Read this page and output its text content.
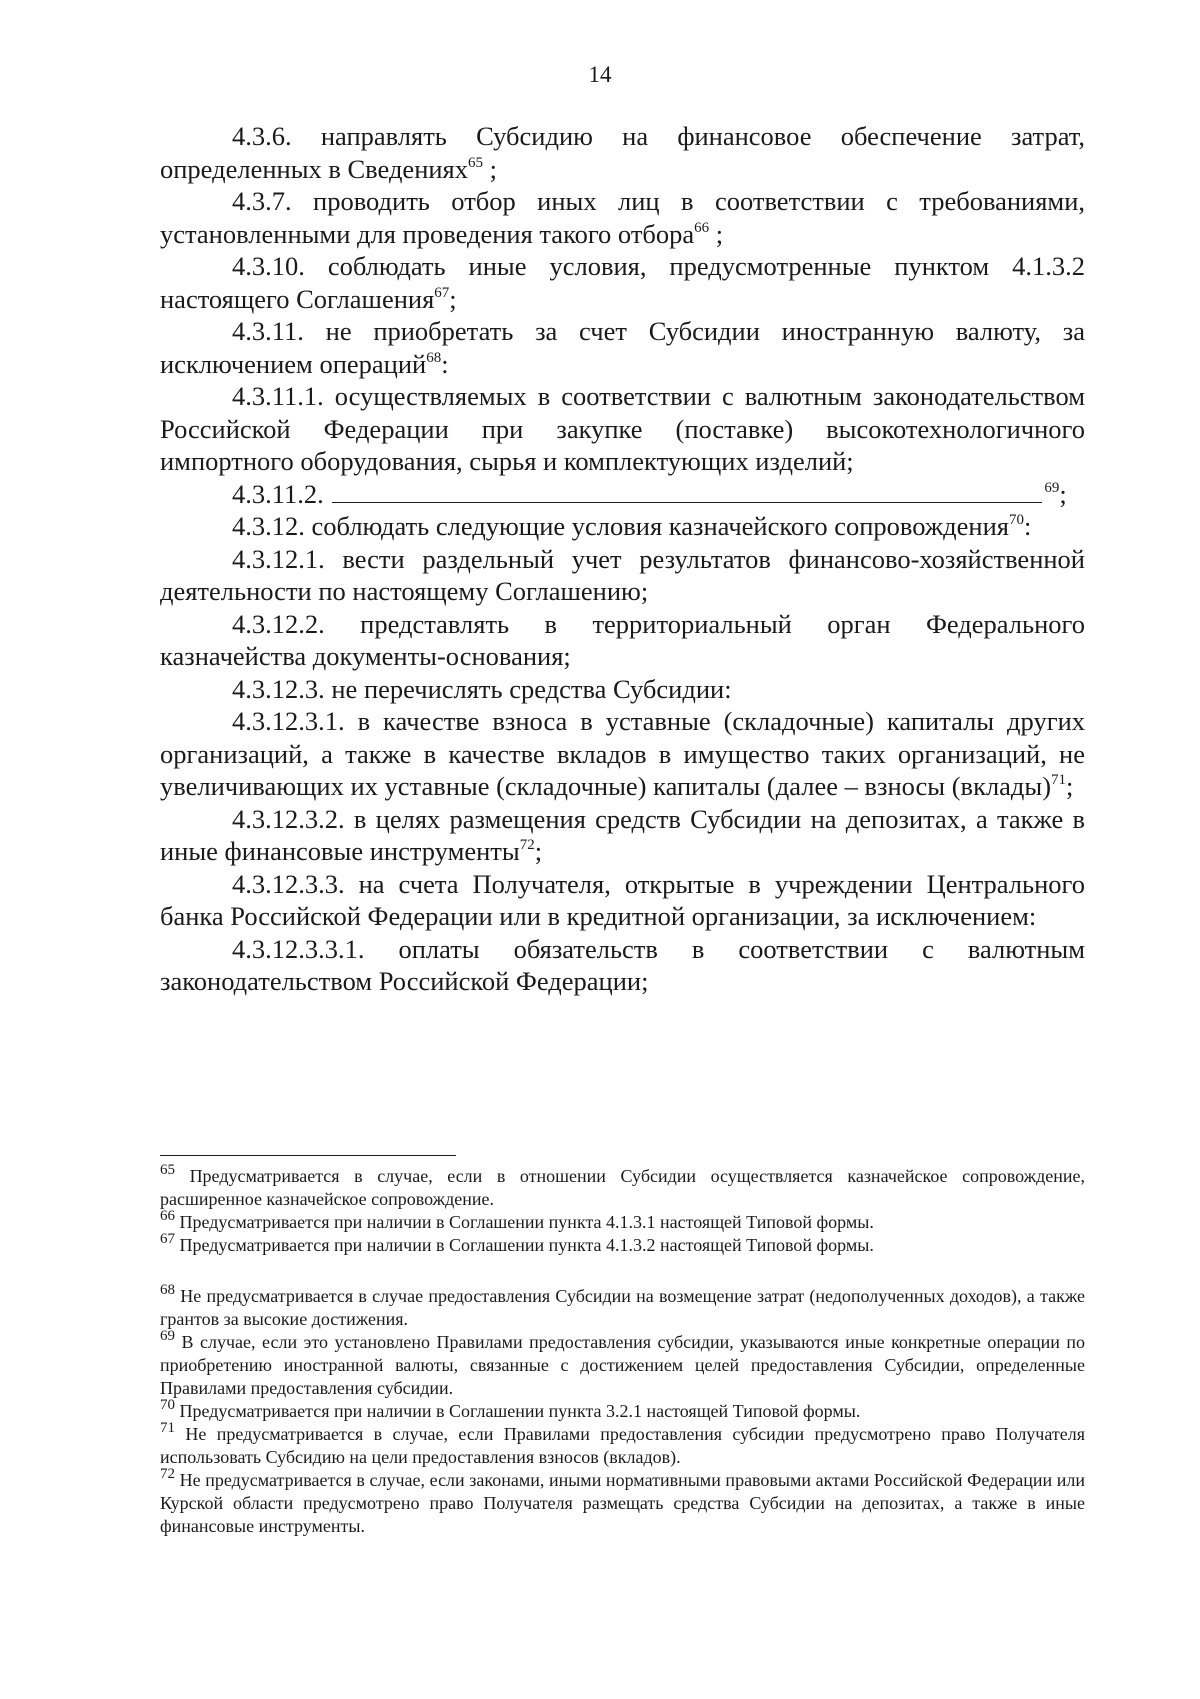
14

4.3.6. направлять Субсидию на финансовое обеспечение затрат, определенных в Сведениях$^{65}$ ;

4.3.7. проводить отбор иных лиц в соответствии с требованиями, установленными для проведения такого отбора$^{66}$ ;

4.3.10. соблюдать иные условия, предусмотренные пунктом 4.1.3.2 настоящего Соглашения$^{67}$;

4.3.11. не приобретать за счет Субсидии иностранную валюту, за исключением операций$^{68}$:

4.3.11.1. осуществляемых в соответствии с валютным законодательством Российской Федерации при закупке (поставке) высокотехнологичного импортного оборудования, сырья и комплектующих изделий;

4.3.11.2.	$^{69}$;

4.3.12. соблюдать следующие условия казначейского сопровождения$^{70}$:

4.3.12.1. вести раздельный учет результатов финансово-хозяйственной деятельности по настоящему Соглашению;

4.3.12.2. представлять в территориальный орган Федерального казначейства документы-основания;

4.3.12.3. не перечислять средства Субсидии:

4.3.12.3.1. в качестве взноса в уставные (складочные) капиталы других организаций, а также в качестве вкладов в имущество таких организаций, не увеличивающих их уставные (складочные) капиталы (далее – взносы (вклады)$^{71}$;

4.3.12.3.2. в целях размещения средств Субсидии на депозитах, а также в иные финансовые инструменты$^{72}$;

4.3.12.3.3. на счета Получателя, открытые в учреждении Центрального банка Российской Федерации или в кредитной организации, за исключением:

4.3.12.3.3.1. оплаты обязательств в соответствии с валютным законодательством Российской Федерации;

$^{65}$ Предусматривается в случае, если в отношении Субсидии осуществляется казначейское сопровождение, расширенное казначейское сопровождение.

$^{66}$ Предусматривается при наличии в Соглашении пункта 4.1.3.1 настоящей Типовой формы.

$^{67}$ Предусматривается при наличии в Соглашении пункта 4.1.3.2 настоящей Типовой формы.

$^{68}$ Не предусматривается в случае предоставления Субсидии на возмещение затрат (недополученных доходов), а также грантов за высокие достижения.

$^{69}$ В случае, если это установлено Правилами предоставления субсидии, указываются иные конкретные операции по приобретению иностранной валюты, связанные с достижением целей предоставления Субсидии, определенные Правилами предоставления субсидии.

$^{70}$ Предусматривается при наличии в Соглашении пункта 3.2.1 настоящей Типовой формы.

$^{71}$ Не предусматривается в случае, если Правилами предоставления субсидии предусмотрено право Получателя использовать Субсидию на цели предоставления взносов (вкладов).

$^{72}$ Не предусматривается в случае, если законами, иными нормативными правовыми актами Российской Федерации или Курской области предусмотрено право Получателя размещать средства Субсидии на депозитах, а также в иные финансовые инструменты.
